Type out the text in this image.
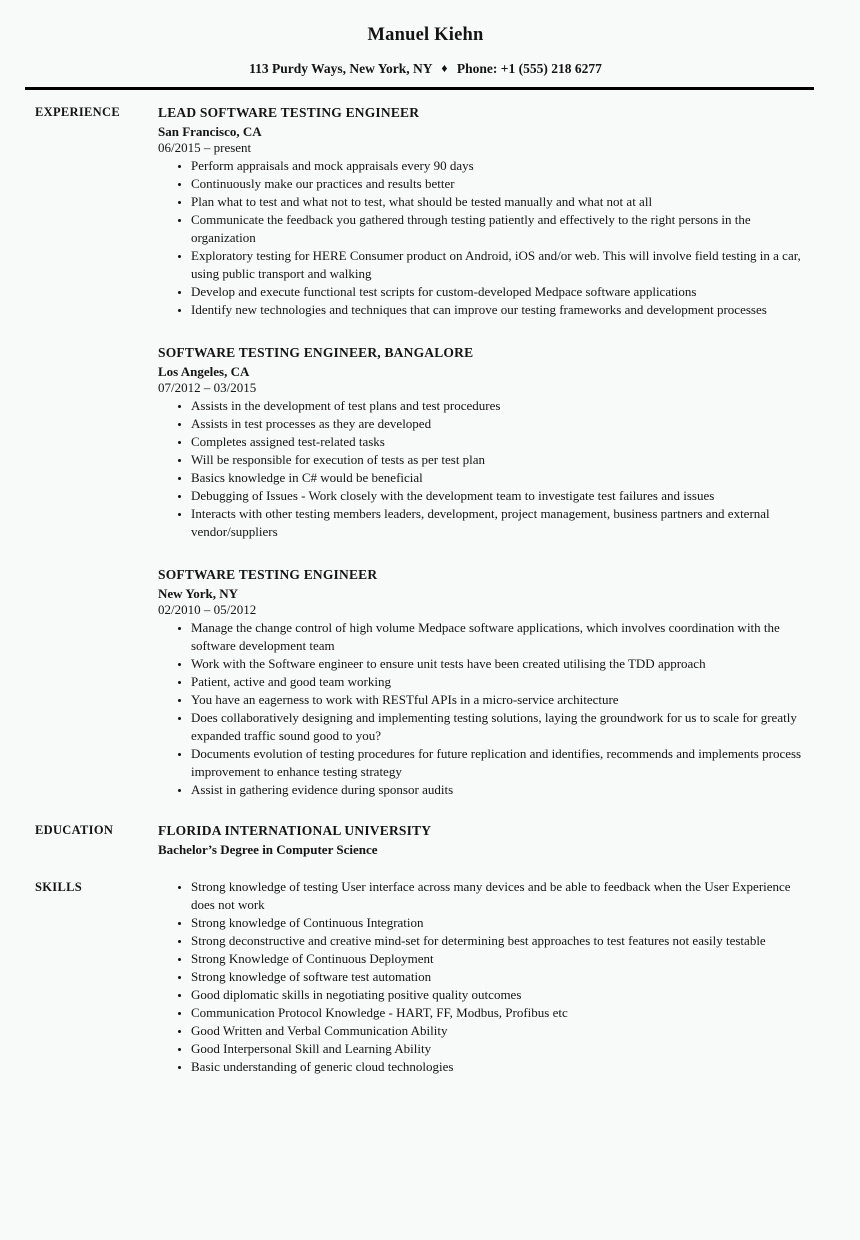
Manuel Kiehn
113 Purdy Ways, New York, NY ♦ Phone: +1 (555) 218 6277
EXPERIENCE	LEAD SOFTWARE TESTING ENGINEER
San Francisco, CA
06/2015 – present
• Perform appraisals and mock appraisals every 90 days
• Continuously make our practices and results better
• Plan what to test and what not to test, what should be tested manually and what not at all
• Communicate the feedback you gathered through testing patiently and effectively to the right persons in the organization
• Exploratory testing for HERE Consumer product on Android, iOS and/or web. This will involve field testing in a car, using public transport and walking
• Develop and execute functional test scripts for custom-developed Medpace software applications
• Identify new technologies and techniques that can improve our testing frameworks and development processes
SOFTWARE TESTING ENGINEER, BANGALORE
Los Angeles, CA
07/2012 – 03/2015
• Assists in the development of test plans and test procedures
• Assists in test processes as they are developed
• Completes assigned test-related tasks
• Will be responsible for execution of tests as per test plan
• Basics knowledge in C# would be beneficial
• Debugging of Issues - Work closely with the development team to investigate test failures and issues
• Interacts with other testing members leaders, development, project management, business partners and external vendor/suppliers
SOFTWARE TESTING ENGINEER
New York, NY
02/2010 – 05/2012
• Manage the change control of high volume Medpace software applications, which involves coordination with the software development team
• Work with the Software engineer to ensure unit tests have been created utilising the TDD approach
• Patient, active and good team working
• You have an eagerness to work with RESTful APIs in a micro-service architecture
• Does collaboratively designing and implementing testing solutions, laying the groundwork for us to scale for greatly expanded traffic sound good to you?
• Documents evolution of testing procedures for future replication and identifies, recommends and implements process improvement to enhance testing strategy
• Assist in gathering evidence during sponsor audits
EDUCATION	FLORIDA INTERNATIONAL UNIVERSITY
Bachelor’s Degree in Computer Science
SKILLS	• Strong knowledge of testing User interface across many devices and be able to feedback when the User Experience does not work
• Strong knowledge of Continuous Integration
• Strong deconstructive and creative mind-set for determining best approaches to test features not easily testable
• Strong Knowledge of Continuous Deployment
• Strong knowledge of software test automation
• Good diplomatic skills in negotiating positive quality outcomes
• Communication Protocol Knowledge - HART, FF, Modbus, Profibus etc
• Good Written and Verbal Communication Ability
• Good Interpersonal Skill and Learning Ability
• Basic understanding of generic cloud technologies
